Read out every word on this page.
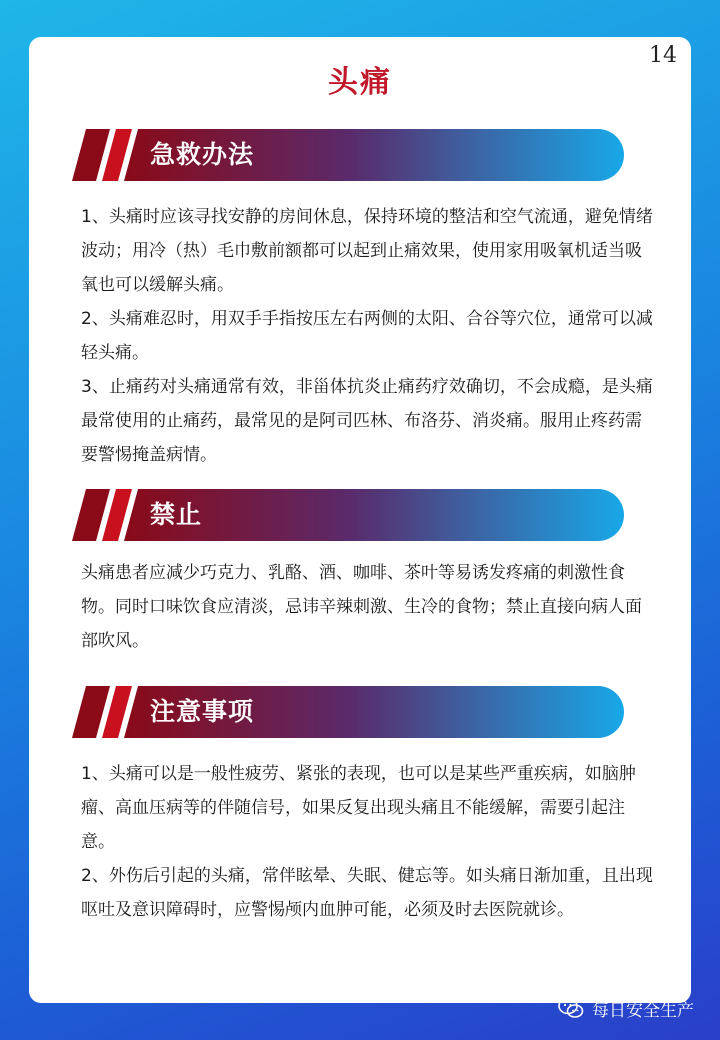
14
头痛
急救办法

1、头痛时应该寻找安静的房间休息，保持环境的整洁和空气流通，避免情绪波动；用冷（热）毛巾敷前额都可以起到止痛效果，使用家用吸氧机适当吸氧也可以缓解头痛。

2、头痛难忍时，用双手手指按压左右两侧的太阳、合谷等穴位，通常可以减轻头痛。

3、止痛药对头痛通常有效，非甾体抗炎止痛药疗效确切，不会成瘾，是头痛最常使用的止痛药，最常见的是阿司匹林、布洛芬、消炎痛。服用止疼药需要警惕掩盖病情。

禁止

头痛患者应减少巧克力、乳酪、酒、咖啡、茶叶等易诱发疼痛的刺激性食物。同时口味饮食应清淡，忌讳辛辣刺激、生冷的食物；禁止直接向病人面部吹风。

注意事项

1、头痛可以是一般性疲劳、紧张的表现，也可以是某些严重疾病，如脑肿瘤、高血压病等的伴随信号，如果反复出现头痛且不能缓解，需要引起注意。

2、外伤后引起的头痛，常伴眩晕、失眠、健忘等。如头痛日渐加重，且出现呕吐及意识障碍时，应警惕颅内血肿可能，必须及时去医院就诊。

每日安全生产
